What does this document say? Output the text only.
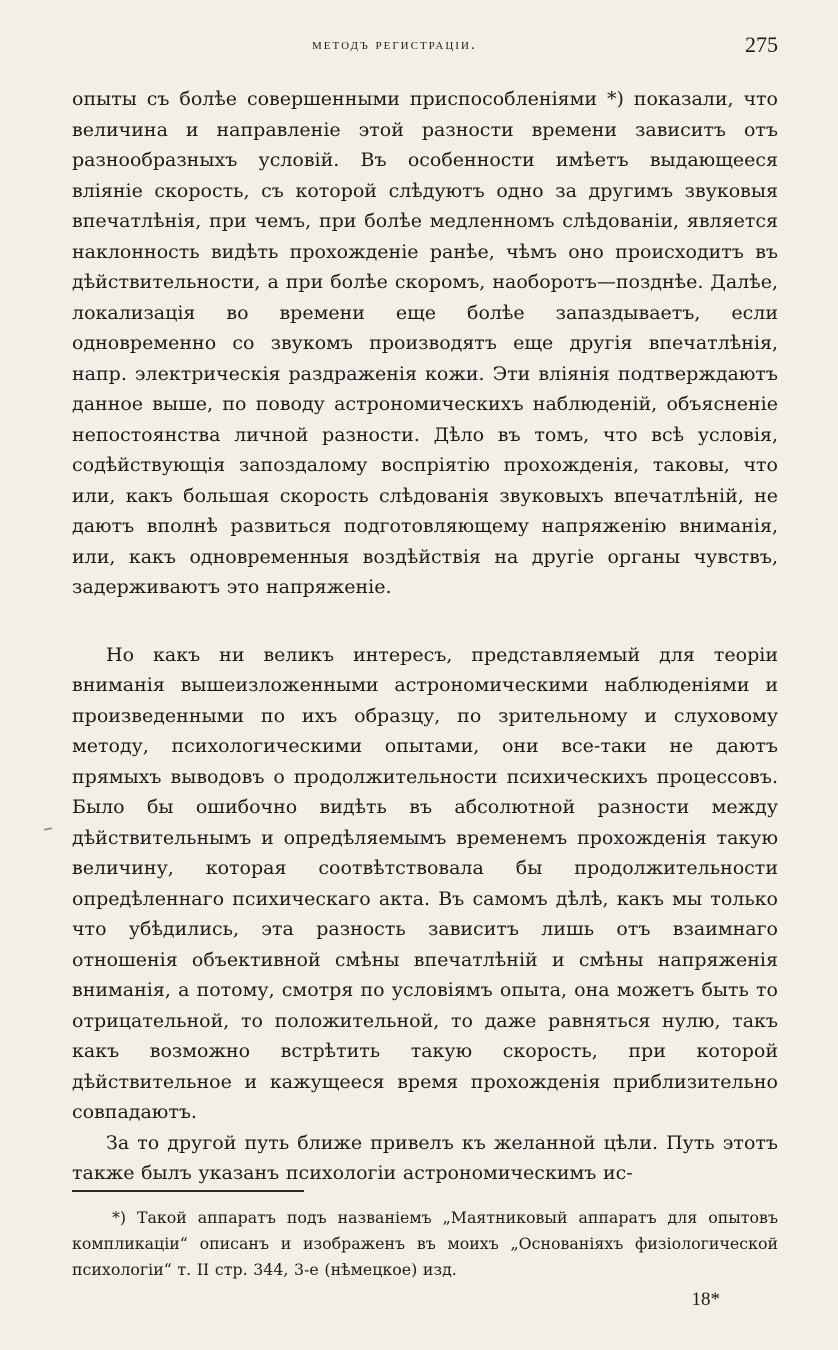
методъ регистраціи.	275

опыты съ болѣе совершенными приспособленіями *) показали, что величина и направленіе этой разности времени зависитъ отъ разнообразныхъ условій. Въ особенности имѣетъ выдающееся вліяніе скорость, съ которой слѣдуютъ одно за другимъ звуковыя впечатлѣнія, при чемъ, при болѣе медленномъ слѣдованіи, является наклонность видѣть прохожденіе ранѣе, чѣмъ оно происходитъ въ дѣйствительности, а при болѣе скоромъ, наоборотъ—позднѣе. Далѣе, локализація во времени еще болѣе запаздываетъ, если одновременно со звукомъ производятъ еще другія впечатлѣнія, напр. электрическія раздраженія кожи. Эти вліянія подтверждаютъ данное выше, по поводу астрономическихъ наблюденій, объясненіе непостоянства личной разности. Дѣло въ томъ, что всѣ условія, содѣйствующія запоздалому воспріятію прохожденія, таковы, что или, какъ большая скорость слѣдованія звуковыхъ впечатлѣній, не даютъ вполнѣ развиться подготовляющему напряженію вниманія, или, какъ одновременныя воздѣйствія на другіе органы чувствъ, задерживаютъ это напряженіе.

Но какъ ни великъ интересъ, представляемый для теоріи вниманія вышеизложенными астрономическими наблюденіями и произведенными по ихъ образцу, по зрительному и слуховому методу, психологическими опытами, они все-таки не даютъ прямыхъ выводовъ о продолжительности психическихъ процессовъ. Было бы ошибочно видѣть въ абсолютной разности между дѣйствительнымъ и опредѣляемымъ временемъ прохожденія такую величину, которая соотвѣтствовала бы продолжительности опредѣленнаго психическаго акта. Въ самомъ дѣлѣ, какъ мы только что убѣдились, эта разность зависитъ лишь отъ взаимнаго отношенія объективной смѣны впечатлѣній и смѣны напряженія вниманія, а потому, смотря по условіямъ опыта, она можетъ быть то отрицательной, то положительной, то даже равняться нулю, такъ какъ возможно встрѣтить такую скорость, при которой дѣйствительное и кажущееся время прохожденія приблизительно совпадаютъ.

За то другой путь ближе привелъ къ желанной цѣли. Путь этотъ также былъ указанъ психологіи астрономическимъ ис-

*) Такой аппаратъ подъ названіемъ „Маятниковый аппаратъ для опытовъ компликаціи“ описанъ и изображенъ въ моихъ „Основаніяхъ физіологической психологіи“ т. II стр. 344, 3-е (нѣмецкое) изд.

18*
